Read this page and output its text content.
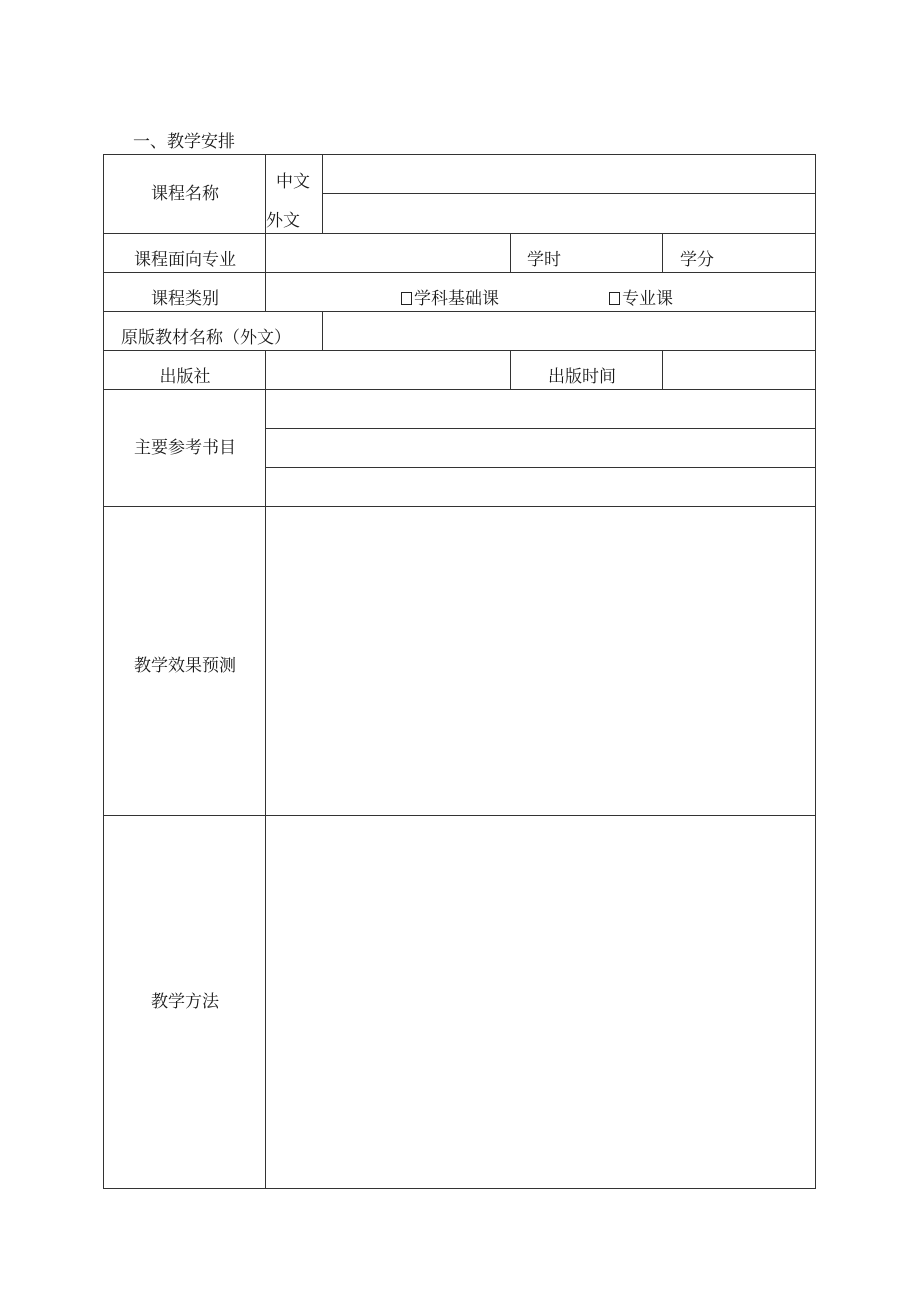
一、教学安排
课程名称
中文
外文
课程面向专业	学时	学分
课程类别	学科基础课	专业课
原版教材名称（外文）
出版社	出版时间
主要参考书目
教学效果预测
教学方法
